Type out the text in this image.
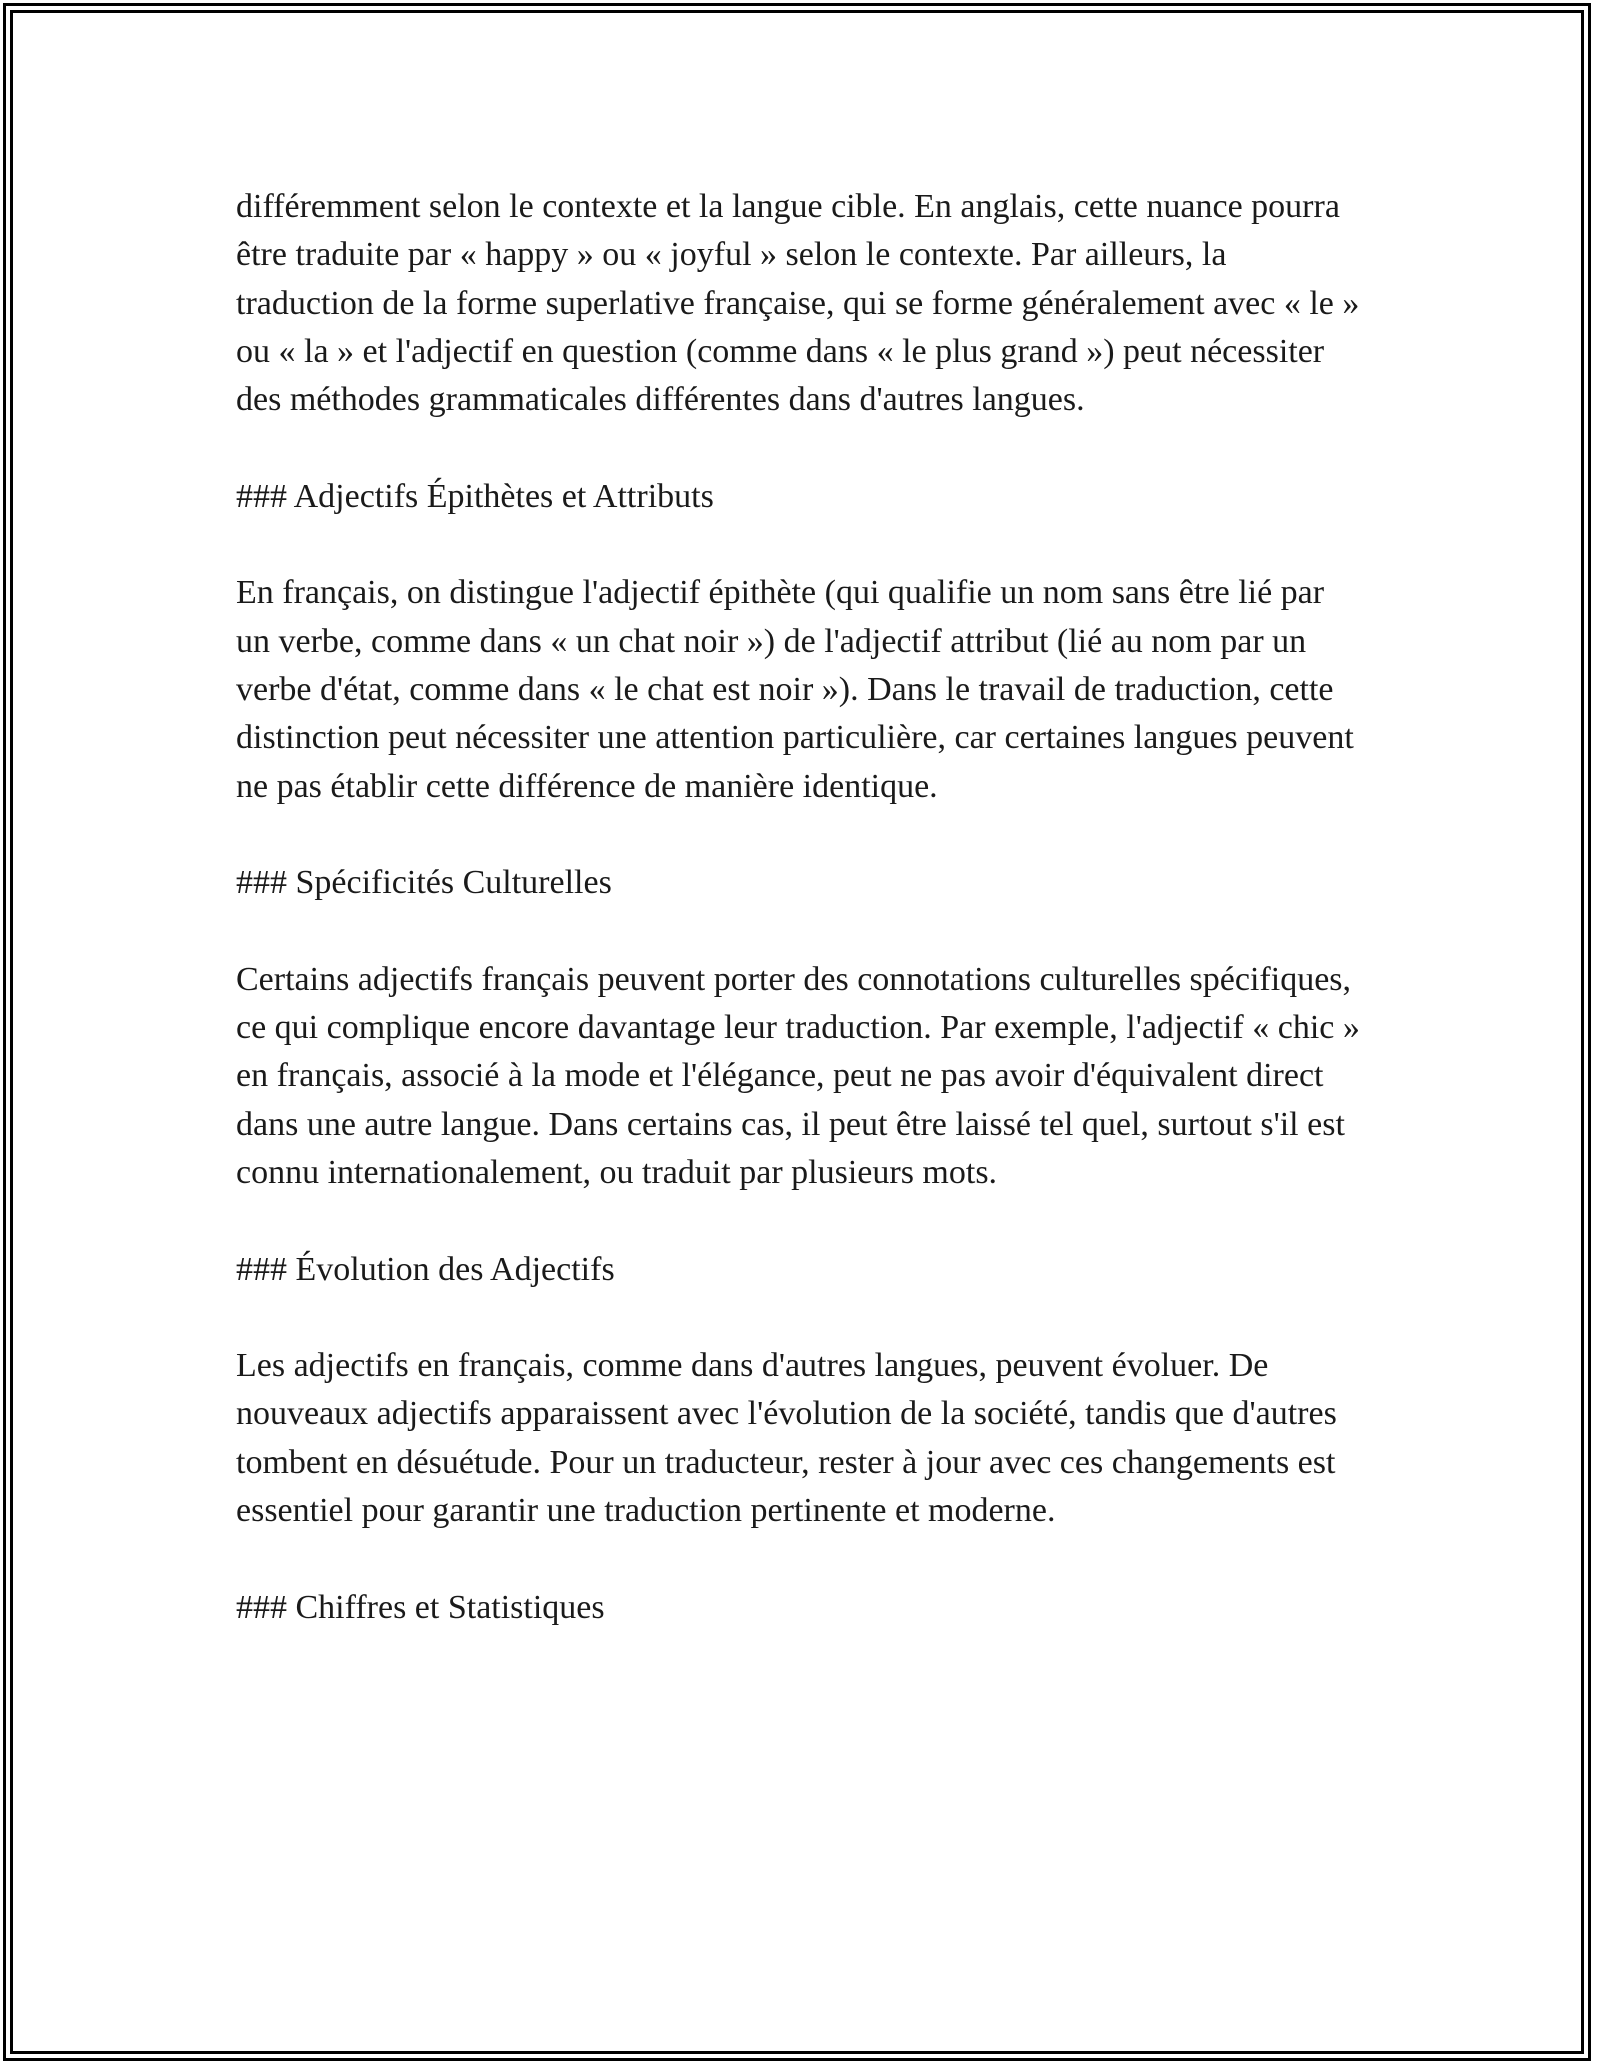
différemment selon le contexte et la langue cible. En anglais, cette nuance pourra être traduite par « happy » ou « joyful » selon le contexte. Par ailleurs, la traduction de la forme superlative française, qui se forme généralement avec « le » ou « la » et l'adjectif en question (comme dans « le plus grand ») peut nécessiter des méthodes grammaticales différentes dans d'autres langues.

### Adjectifs Épithètes et Attributs

En français, on distingue l'adjectif épithète (qui qualifie un nom sans être lié par un verbe, comme dans « un chat noir ») de l'adjectif attribut (lié au nom par un verbe d'état, comme dans « le chat est noir »). Dans le travail de traduction, cette distinction peut nécessiter une attention particulière, car certaines langues peuvent ne pas établir cette différence de manière identique.

### Spécificités Culturelles

Certains adjectifs français peuvent porter des connotations culturelles spécifiques, ce qui complique encore davantage leur traduction. Par exemple, l'adjectif « chic » en français, associé à la mode et l'élégance, peut ne pas avoir d'équivalent direct dans une autre langue. Dans certains cas, il peut être laissé tel quel, surtout s'il est connu internationalement, ou traduit par plusieurs mots.

### Évolution des Adjectifs

Les adjectifs en français, comme dans d'autres langues, peuvent évoluer. De nouveaux adjectifs apparaissent avec l'évolution de la société, tandis que d'autres tombent en désuétude. Pour un traducteur, rester à jour avec ces changements est essentiel pour garantir une traduction pertinente et moderne.

### Chiffres et Statistiques
